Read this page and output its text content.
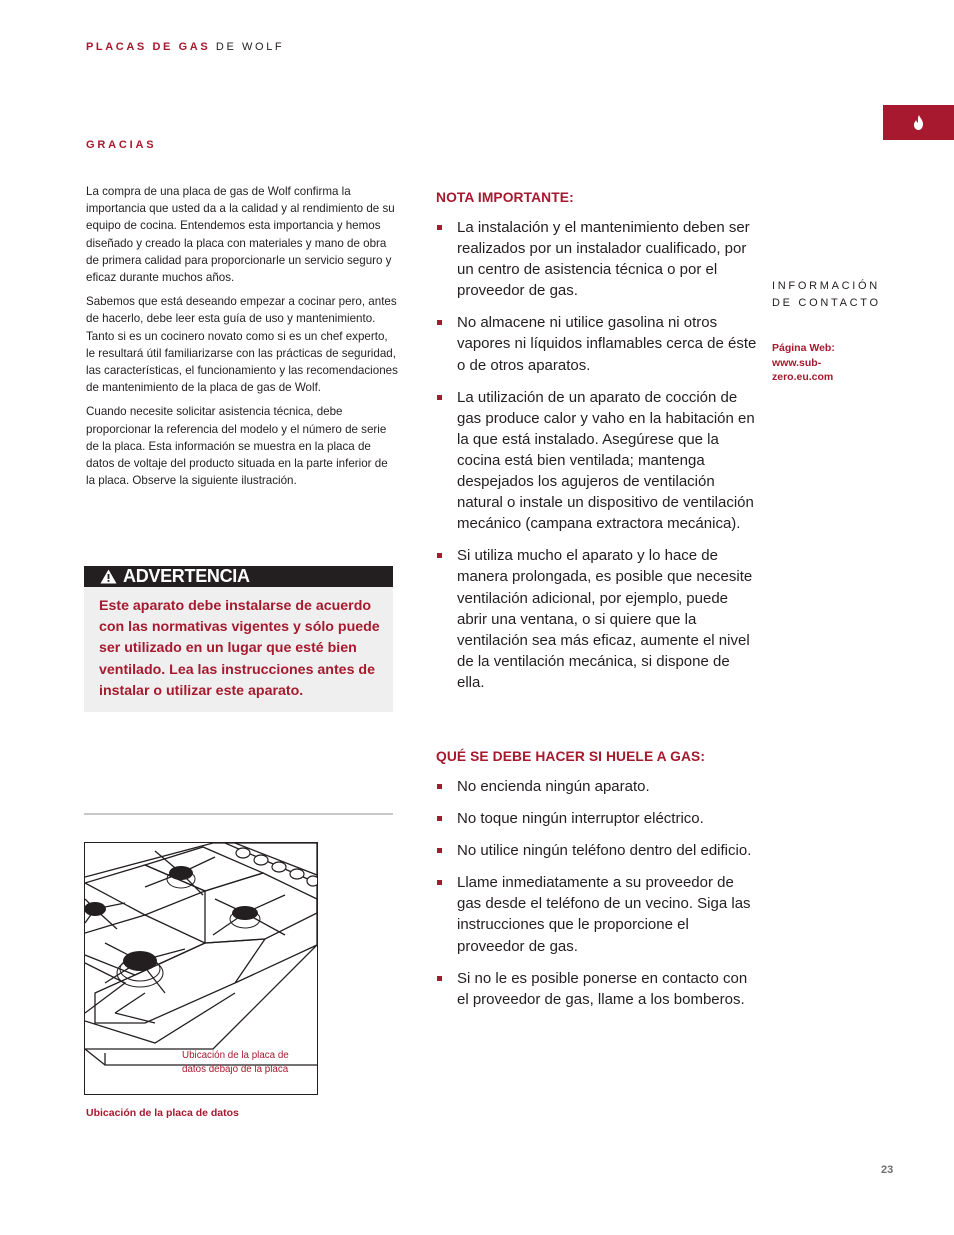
PLACAS DE GAS DE WOLF
GRACIAS

La compra de una placa de gas de Wolf confirma la importancia que usted da a la calidad y al rendimiento de su equipo de cocina. Entendemos esta importancia y hemos diseñado y creado la placa con materiales y mano de obra de primera calidad para proporcionarle un servicio seguro y eficaz durante muchos años.

Sabemos que está deseando empezar a cocinar pero, antes de hacerlo, debe leer esta guía de uso y mantenimiento. Tanto si es un cocinero novato como si es un chef experto, le resultará útil familiarizarse con las prácticas de seguridad, las características, el funcionamiento y las recomendaciones de mantenimiento de la placa de gas de Wolf.

Cuando necesite solicitar asistencia técnica, debe proporcionar la referencia del modelo y el número de serie de la placa. Esta información se muestra en la placa de datos de voltaje del producto situada en la parte inferior de la placa. Observe la siguiente ilustración.

ADVERTENCIA
Este aparato debe instalarse de acuerdo con las normativas vigentes y sólo puede ser utilizado en un lugar que esté bien ventilado. Lea las instrucciones antes de instalar o utilizar este aparato.
Ubicación de la placa de
datos debajo de la placa
Ubicación de la placa de datos
NOTA IMPORTANTE:
La instalación y el mantenimiento deben ser realizados por un instalador cualificado, por un centro de asistencia técnica o por el proveedor de gas.
No almacene ni utilice gasolina ni otros vapores ni líquidos inflamables cerca de éste o de otros aparatos.
La utilización de un aparato de cocción de gas produce calor y vaho en la habitación en la que está instalado. Asegúrese que la cocina está bien ventilada; mantenga despejados los agujeros de ventilación natural o instale un dispositivo de ventilación mecánico (campana extractora mecánica).
Si utiliza mucho el aparato y lo hace de manera prolongada, es posible que necesite ventilación adicional, por ejemplo, puede abrir una ventana, o si quiere que la ventilación sea más eficaz, aumente el nivel de la ventilación mecánica, si dispone de ella.
QUÉ SE DEBE HACER SI HUELE A GAS:
No encienda ningún aparato.
No toque ningún interruptor eléctrico.
No utilice ningún teléfono dentro del edificio.
Llame inmediatamente a su proveedor de gas desde el teléfono de un vecino. Siga las instrucciones que le proporcione el proveedor de gas.
Si no le es posible ponerse en contacto con el proveedor de gas, llame a los bomberos.
INFORMACIÓN
DE CONTACTO
Página Web:
www.sub-
zero.eu.com
23
